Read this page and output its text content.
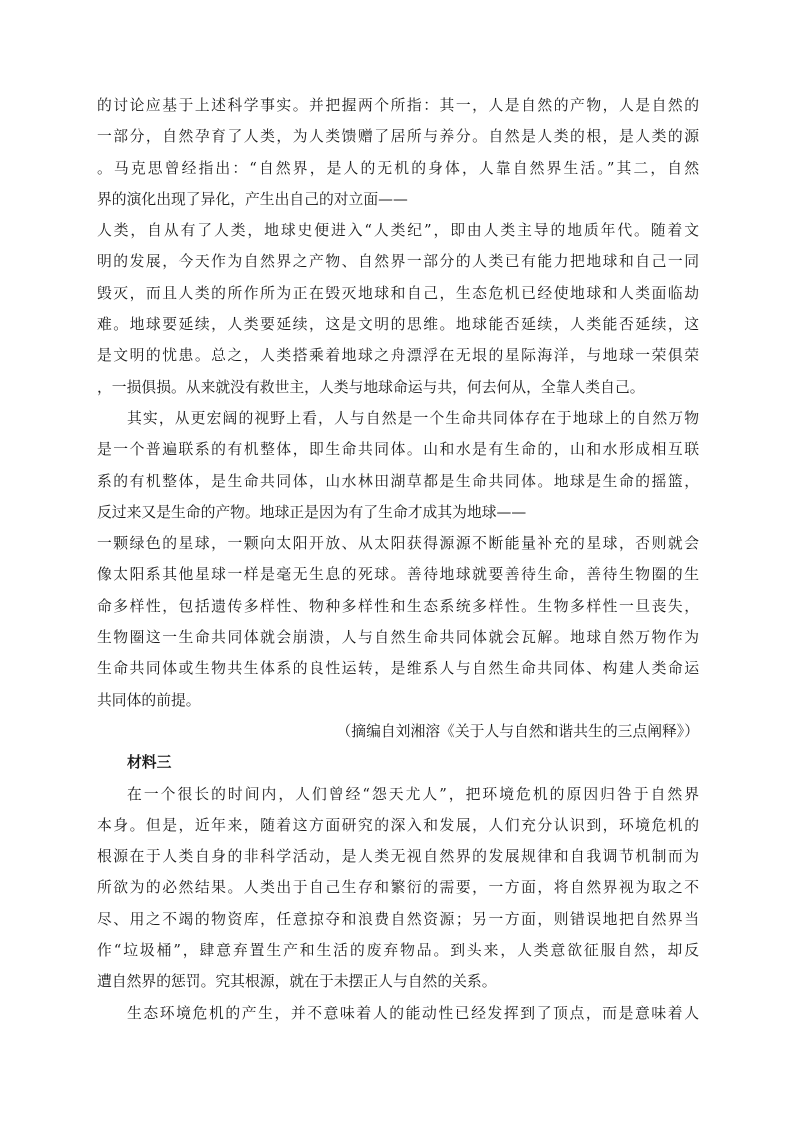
的讨论应基于上述科学事实。并把握两个所指：其一，人是自然的产物，人是自然的
一部分，自然孕育了人类，为人类馈赠了居所与养分。自然是人类的根，是人类的源
。马克思曾经指出：“自然界，是人的无机的身体，人靠自然界生活。”其二，自然
界的演化出现了异化，产生出自己的对立面——
人类，自从有了人类，地球史便进入“人类纪”，即由人类主导的地质年代。随着文
明的发展，今天作为自然界之产物、自然界一部分的人类已有能力把地球和自己一同
毁灭，而且人类的所作所为正在毁灭地球和自己，生态危机已经使地球和人类面临劫
难。地球要延续，人类要延续，这是文明的思维。地球能否延续，人类能否延续，这
是文明的忧患。总之，人类搭乘着地球之舟漂浮在无垠的星际海洋，与地球一荣俱荣
，一损俱损。从来就没有救世主，人类与地球命运与共，何去何从，全靠人类自己。
其实，从更宏阔的视野上看，人与自然是一个生命共同体存在于地球上的自然万物
是一个普遍联系的有机整体，即生命共同体。山和水是有生命的，山和水形成相互联
系的有机整体，是生命共同体，山水林田湖草都是生命共同体。地球是生命的摇篮，
反过来又是生命的产物。地球正是因为有了生命才成其为地球——
一颗绿色的星球，一颗向太阳开放、从太阳获得源源不断能量补充的星球，否则就会
像太阳系其他星球一样是毫无生息的死球。善待地球就要善待生命，善待生物圈的生
命多样性，包括遗传多样性、物种多样性和生态系统多样性。生物多样性一旦丧失，
生物圈这一生命共同体就会崩溃，人与自然生命共同体就会瓦解。地球自然万物作为
生命共同体或生物共生体系的良性运转，是维系人与自然生命共同体、构建人类命运
共同体的前提。
（摘编自刘湘溶《关于人与自然和谐共生的三点阐释》）
材料三
在一个很长的时间内，人们曾经“怨天尤人”，把环境危机的原因归咎于自然界
本身。但是，近年来，随着这方面研究的深入和发展，人们充分认识到，环境危机的
根源在于人类自身的非科学活动，是人类无视自然界的发展规律和自我调节机制而为
所欲为的必然结果。人类出于自己生存和繁衍的需要，一方面，将自然界视为取之不
尽、用之不竭的物资库，任意掠夺和浪费自然资源；另一方面，则错误地把自然界当
作“垃圾桶”，肆意弃置生产和生活的废弃物品。到头来，人类意欲征服自然，却反
遭自然界的惩罚。究其根源，就在于未摆正人与自然的关系。
生态环境危机的产生，并不意味着人的能动性已经发挥到了顶点，而是意味着人
